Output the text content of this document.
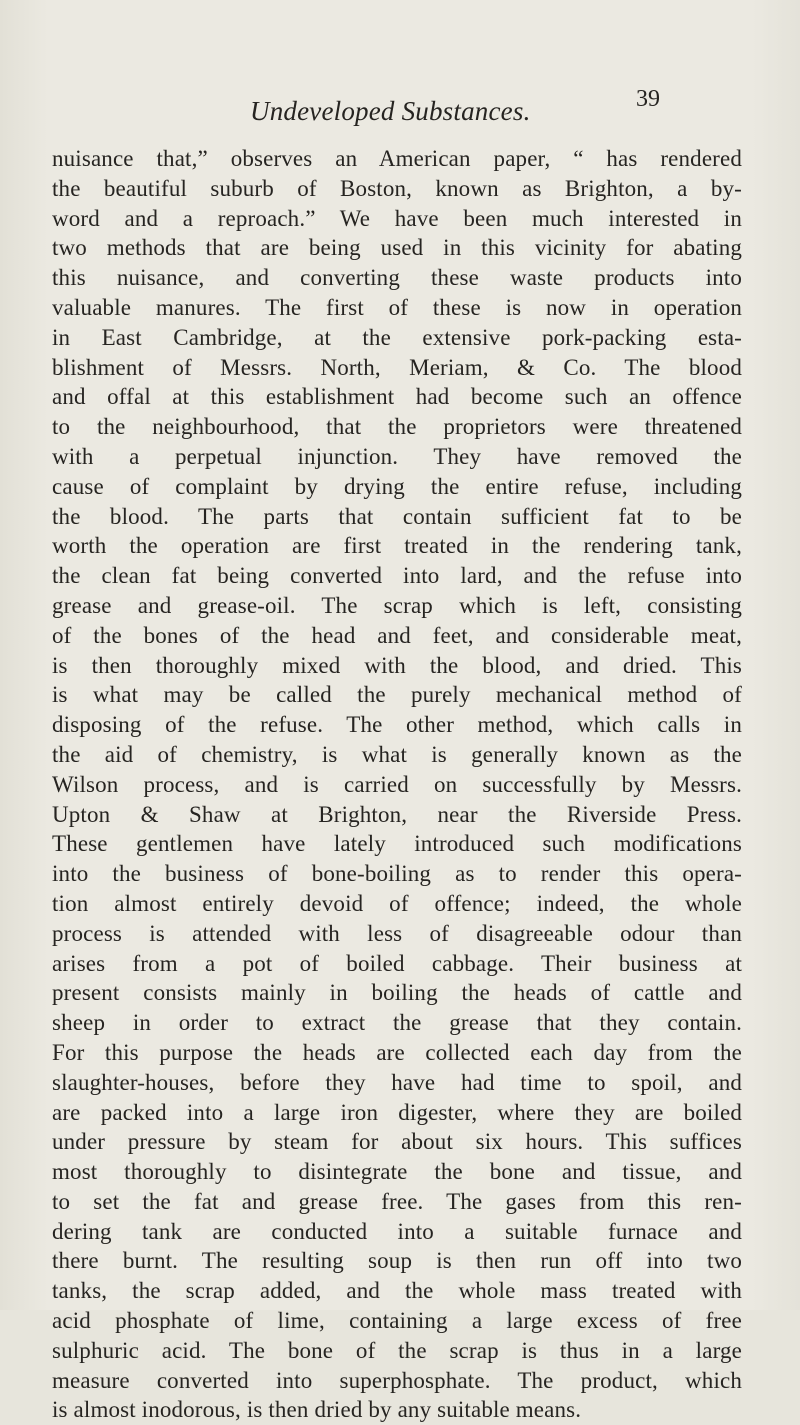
Undeveloped Substances.	39
nuisance that,” observes an American paper, “ has rendered
the beautiful suburb of Boston, known as Brighton, a by-
word and a reproach.” We have been much interested in
two methods that are being used in this vicinity for abating
this nuisance, and converting these waste products into
valuable manures. The first of these is now in operation
in East Cambridge, at the extensive pork-packing esta-
blishment of Messrs. North, Meriam, & Co. The blood
and offal at this establishment had become such an offence
to the neighbourhood, that the proprietors were threatened
with a perpetual injunction. They have removed the
cause of complaint by drying the entire refuse, including
the blood. The parts that contain sufficient fat to be
worth the operation are first treated in the rendering tank,
the clean fat being converted into lard, and the refuse into
grease and grease-oil. The scrap which is left, consisting
of the bones of the head and feet, and considerable meat,
is then thoroughly mixed with the blood, and dried. This
is what may be called the purely mechanical method of
disposing of the refuse. The other method, which calls in
the aid of chemistry, is what is generally known as the
Wilson process, and is carried on successfully by Messrs.
Upton & Shaw at Brighton, near the Riverside Press.
These gentlemen have lately introduced such modifications
into the business of bone-boiling as to render this opera-
tion almost entirely devoid of offence; indeed, the whole
process is attended with less of disagreeable odour than
arises from a pot of boiled cabbage. Their business at
present consists mainly in boiling the heads of cattle and
sheep in order to extract the grease that they contain.
For this purpose the heads are collected each day from the
slaughter-houses, before they have had time to spoil, and
are packed into a large iron digester, where they are boiled
under pressure by steam for about six hours. This suffices
most thoroughly to disintegrate the bone and tissue, and
to set the fat and grease free. The gases from this ren-
dering tank are conducted into a suitable furnace and
there burnt. The resulting soup is then run off into two
tanks, the scrap added, and the whole mass treated with
acid phosphate of lime, containing a large excess of free
sulphuric acid. The bone of the scrap is thus in a large
measure converted into superphosphate. The product, which
is almost inodorous, is then dried by any suitable means.
